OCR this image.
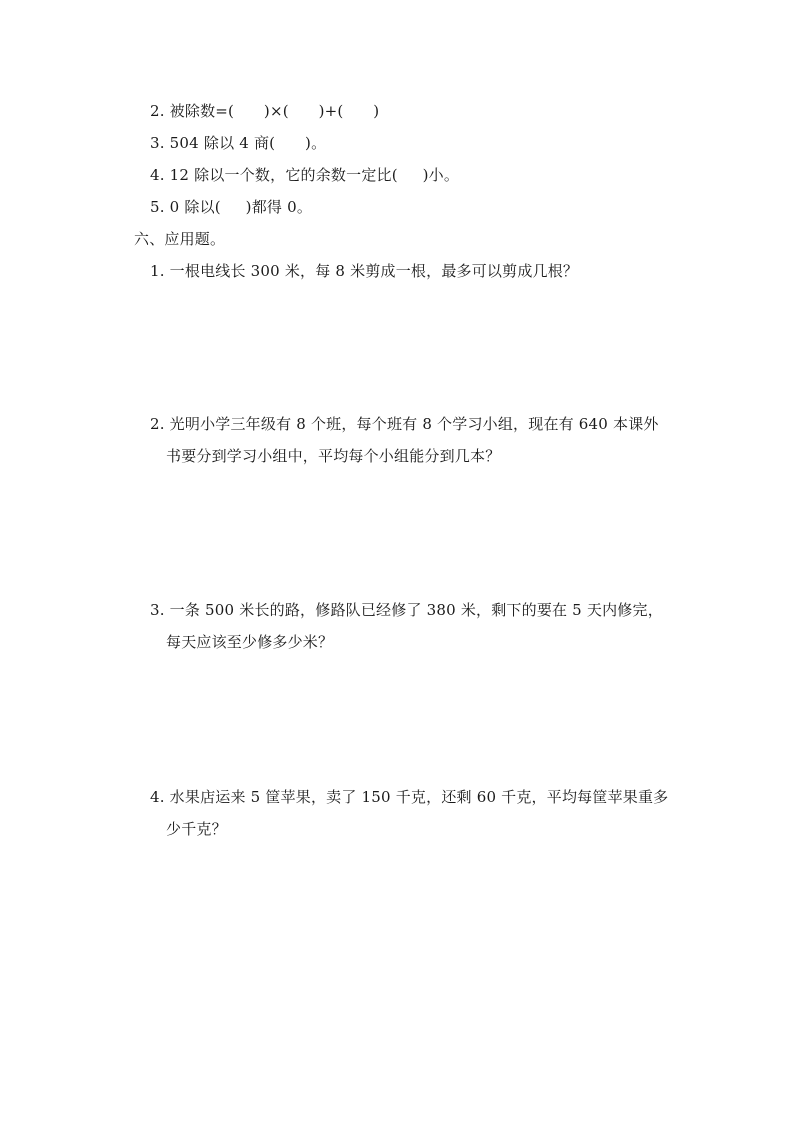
2. 被除数=(      )×(      )+(      )
3. 504 除以 4 商(      )。
4. 12 除以一个数，它的余数一定比(     )小。
5. 0 除以(     )都得 0。
六、应用题。
1. 一根电线长 300 米，每 8 米剪成一根，最多可以剪成几根？
2. 光明小学三年级有 8 个班，每个班有 8 个学习小组，现在有 640 本课外
书要分到学习小组中，平均每个小组能分到几本？
3. 一条 500 米长的路，修路队已经修了 380 米，剩下的要在 5 天内修完，
每天应该至少修多少米？
4. 水果店运来 5 筐苹果，卖了 150 千克，还剩 60 千克，平均每筐苹果重多
少千克？
